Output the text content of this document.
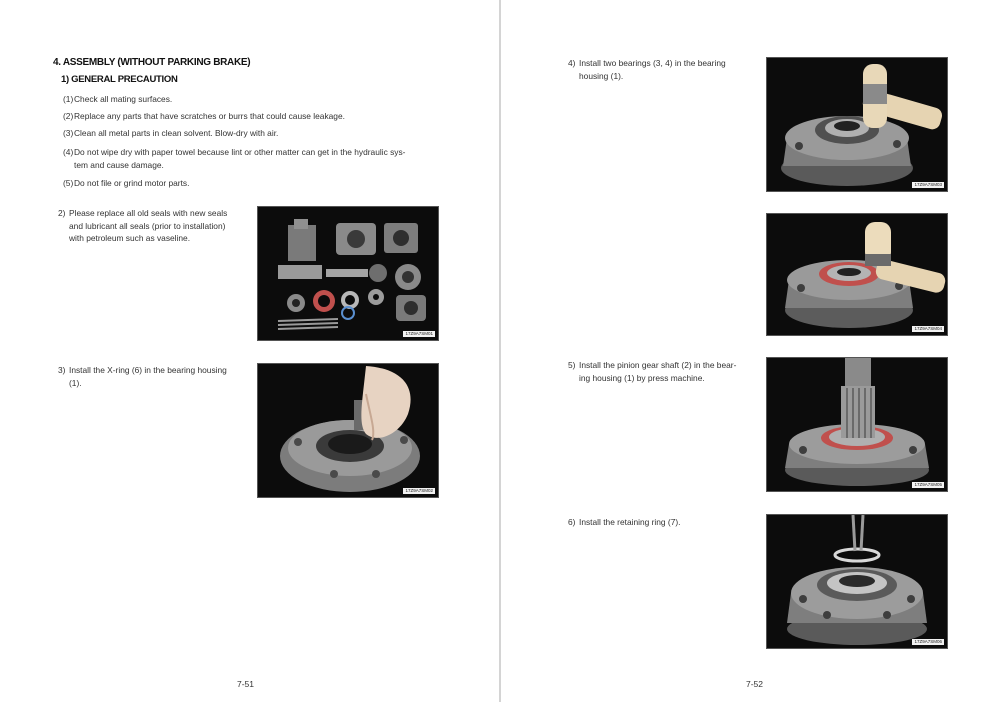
4. ASSEMBLY (WITHOUT PARKING BRAKE)
1) GENERAL PRECAUTION
(1) Check all mating surfaces.
(2) Replace any parts that have scratches or burrs that could cause leakage.
(3) Clean all metal parts in clean solvent. Blow-dry with air.
(4) Do not wipe dry with paper towel because lint or other matter can get in the hydraulic sys-
tem and cause damage.
(5) Do not file or grind motor parts.
2) Please replace all old seals with new seals
and lubricant all seals (prior to installation)
with petroleum such as vaseline.
17Z9A7SM01
3) Install the X-ring (6) in the bearing housing
(1).
17Z9A7SM02
7-51
4) Install two bearings (3, 4) in the bearing
housing (1).
17Z9A7SM03
17Z9A7SM04
5) Install the pinion gear shaft (2) in the bear-
ing housing (1) by press machine.
17Z9A7SM05
6) Install the retaining ring (7).
17Z9A7SM06
7-52
